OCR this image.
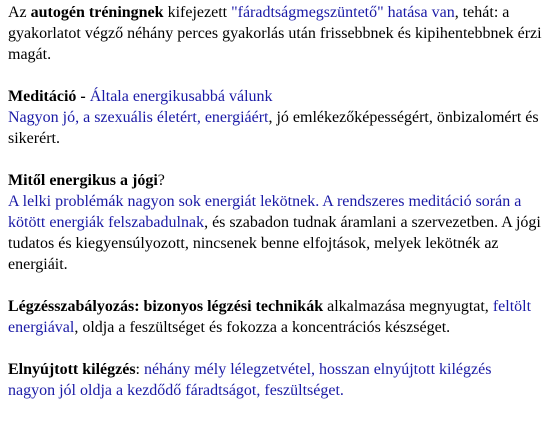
Az autogén tréningnek kifejezett "fáradtságmegszüntető" hatása van, tehát: a gyakorlatot végző néhány perces gyakorlás után frissebbnek és kipihentebbnek érzi magát.

Meditáció - Általa energikusabbá válunk
Nagyon jó, a szexuális életért, energiáért, jó emlékezőképességért, önbizalomért és sikerért.

Mitől energikus a jógi?
A lelki problémák nagyon sok energiát lekötnek. A rendszeres meditáció során a kötött energiák felszabadulnak, és szabadon tudnak áramlani a szervezetben. A jógi tudatos és kiegyensúlyozott, nincsenek benne elfojtások, melyek lekötnék az energiáit.

Légzésszabályozás: bizonyos légzési technikák alkalmazása megnyugtat, feltölt energiával, oldja a feszültséget és fokozza a koncentrációs készséget.

Elnyújtott kilégzés: néhány mély lélegzetvétel, hosszan elnyújtott kilégzés nagyon jól oldja a kezdődő fáradtságot, feszültséget.
